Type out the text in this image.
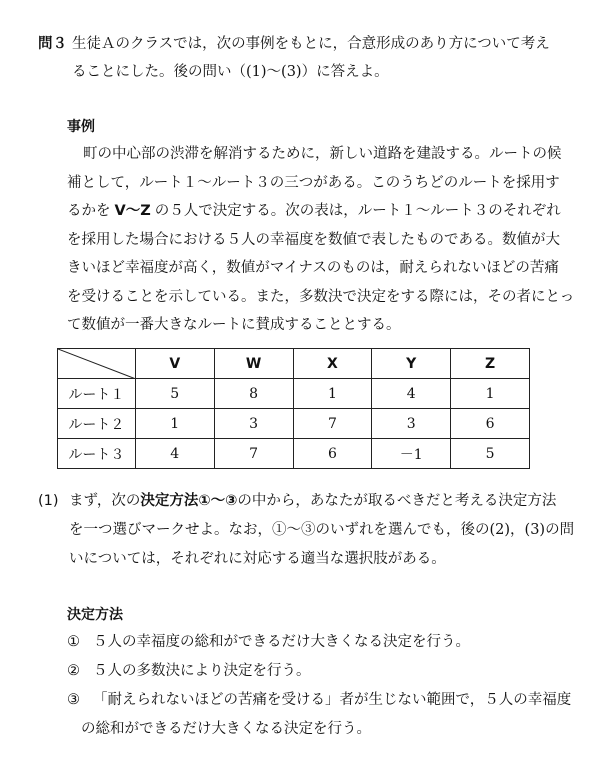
問３ 生徒Ａのクラスでは，次の事例をもとに，合意形成のあり方について考え
ることにした。後の問い（(1)～(3)）に答えよ。
事例
町の中心部の渋滞を解消するために，新しい道路を建設する。ルートの候
補として，ルート１～ルート３の三つがある。このうちどのルートを採用す
るかを V～Z の５人で決定する。次の表は，ルート１～ルート３のそれぞれ
を採用した場合における５人の幸福度を数値で表したものである。数値が大
きいほど幸福度が高く，数値がマイナスのものは，耐えられないほどの苦痛
を受けることを示している。また，多数決で決定をする際には，その者にとっ
て数値が一番大きなルートに賛成することとする。
	V	W	X	Y	Z
ルート１	5	8	1	4	1
ルート２	1	3	7	3	6
ルート３	4	7	6	－1	5
(1) まず，次の決定方法①～③の中から，あなたが取るべきだと考える決定方法
を一つ選びマークせよ。なお，①～③のいずれを選んでも，後の(2)，(3)の問
いについては，それぞれに対応する適当な選択肢がある。
決定方法
① ５人の幸福度の総和ができるだけ大きくなる決定を行う。
② ５人の多数決により決定を行う。
③ 「耐えられないほどの苦痛を受ける」者が生じない範囲で，５人の幸福度
の総和ができるだけ大きくなる決定を行う。
